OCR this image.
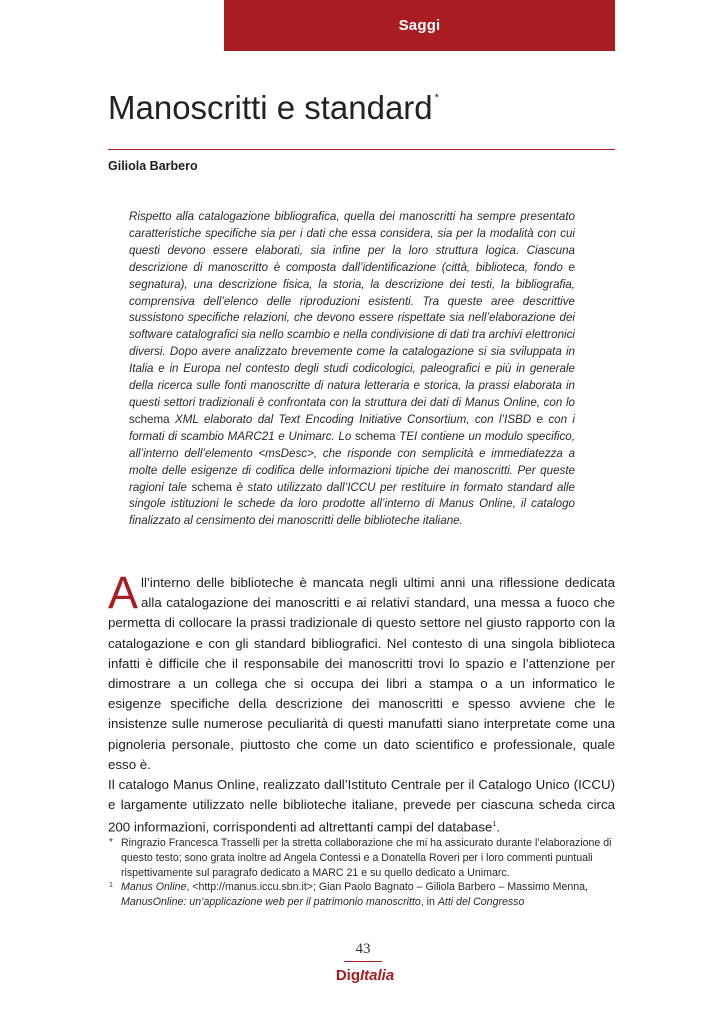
Saggi
Manoscritti e standard *
Giliola Barbero

Rispetto alla catalogazione bibliografica, quella dei manoscritti ha sempre presentato caratteristiche specifiche sia per i dati che essa considera, sia per la modalità con cui questi devono essere elaborati, sia infine per la loro struttura logica. Ciascuna descrizione di manoscritto è composta dall’identificazione (città, biblioteca, fondo e segnatura), una descrizione fisica, la storia, la descrizione dei testi, la bibliografia, comprensiva dell’elenco delle riproduzioni esistenti. Tra queste aree descrittive sussistono specifiche relazioni, che devono essere rispettate sia nell’elaborazione dei software catalografici sia nello scambio e nella condivisione di dati tra archivi elettronici diversi. Dopo avere analizzato brevemente come la catalogazione si sia sviluppata in Italia e in Europa nel contesto degli studi codicologici, paleografici e più in generale della ricerca sulle fonti manoscritte di natura letteraria e storica, la prassi elaborata in questi settori tradizionali è confrontata con la struttura dei dati di Manus Online, con lo schema XML elaborato dal Text Encoding Initiative Consortium, con l’ISBD e con i formati di scambio MARC21 e Unimarc. Lo schema TEI contiene un modulo specifico, all’interno dell’elemento <msDesc>, che risponde con semplicità e immediatezza a molte delle esigenze di codifica delle informazioni tipiche dei manoscritti. Per queste ragioni tale schema è stato utilizzato dall’ICCU per restituire in formato standard alle singole istituzioni le schede da loro prodotte all’interno di Manus Online, il catalogo finalizzato al censimento dei manoscritti delle biblioteche italiane.

All’interno delle biblioteche è mancata negli ultimi anni una riflessione dedicata alla catalogazione dei manoscritti e ai relativi standard, una messa a fuoco che permetta di collocare la prassi tradizionale di questo settore nel giusto rapporto con la catalogazione e con gli standard bibliografici. Nel contesto di una singola biblioteca infatti è difficile che il responsabile dei manoscritti trovi lo spazio e l’attenzione per dimostrare a un collega che si occupa dei libri a stampa o a un informatico le esigenze specifiche della descrizione dei manoscritti e spesso avviene che le insistenze sulle numerose peculiarità di questi manufatti siano interpretate come una pignoleria personale, piuttosto che come un dato scientifico e professionale, quale esso è.
Il catalogo Manus Online, realizzato dall’Istituto Centrale per il Catalogo Unico (ICCU) e largamente utilizzato nelle biblioteche italiane, prevede per ciascuna scheda circa 200 informazioni, corrispondenti ad altrettanti campi del database$^1$.
* Ringrazio Francesca Trasselli per la stretta collaborazione che mi ha assicurato durante l’elaborazione di questo testo; sono grata inoltre ad Angela Contessi e a Donatella Roveri per i loro commenti puntuali rispettivamente sul paragrafo dedicato a MARC 21 e su quello dedicato a Unimarc.
1 Manus Online, <http://manus.iccu.sbn.it>; Gian Paolo Bagnato – Giliola Barbero – Massimo Menna, ManusOnline: un’applicazione web per il patrimonio manoscritto, in Atti del Congresso
43
DigItalia
